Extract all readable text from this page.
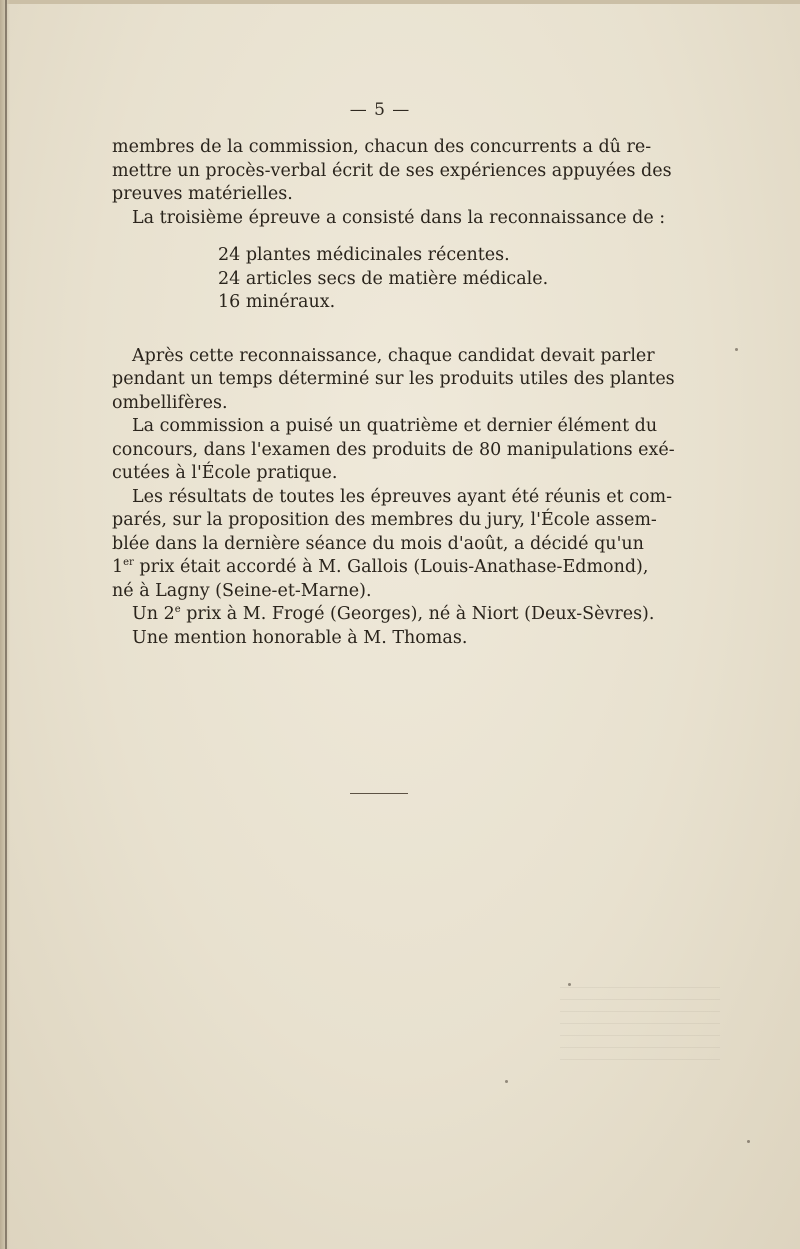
— 5 —
membres de la commission, chacun des concurrents a dû re-
mettre un procès-verbal écrit de ses expériences appuyées des
preuves matérielles.
La troisième épreuve a consisté dans la reconnaissance de :
24 plantes médicinales récentes.
24 articles secs de matière médicale.
16 minéraux.
Après cette reconnaissance, chaque candidat devait parler
pendant un temps déterminé sur les produits utiles des plantes
ombellifères.
La commission a puisé un quatrième et dernier élément du
concours, dans l'examen des produits de 80 manipulations exé-
cutées à l'École pratique.
Les résultats de toutes les épreuves ayant été réunis et com-
parés, sur la proposition des membres du jury, l'École assem-
blée dans la dernière séance du mois d'août, a décidé qu'un
1er prix était accordé à M. Gallois (Louis-Anathase-Edmond),
né à Lagny (Seine-et-Marne).
Un 2e prix à M. Frogé (Georges), né à Niort (Deux-Sèvres).
Une mention honorable à M. Thomas.
